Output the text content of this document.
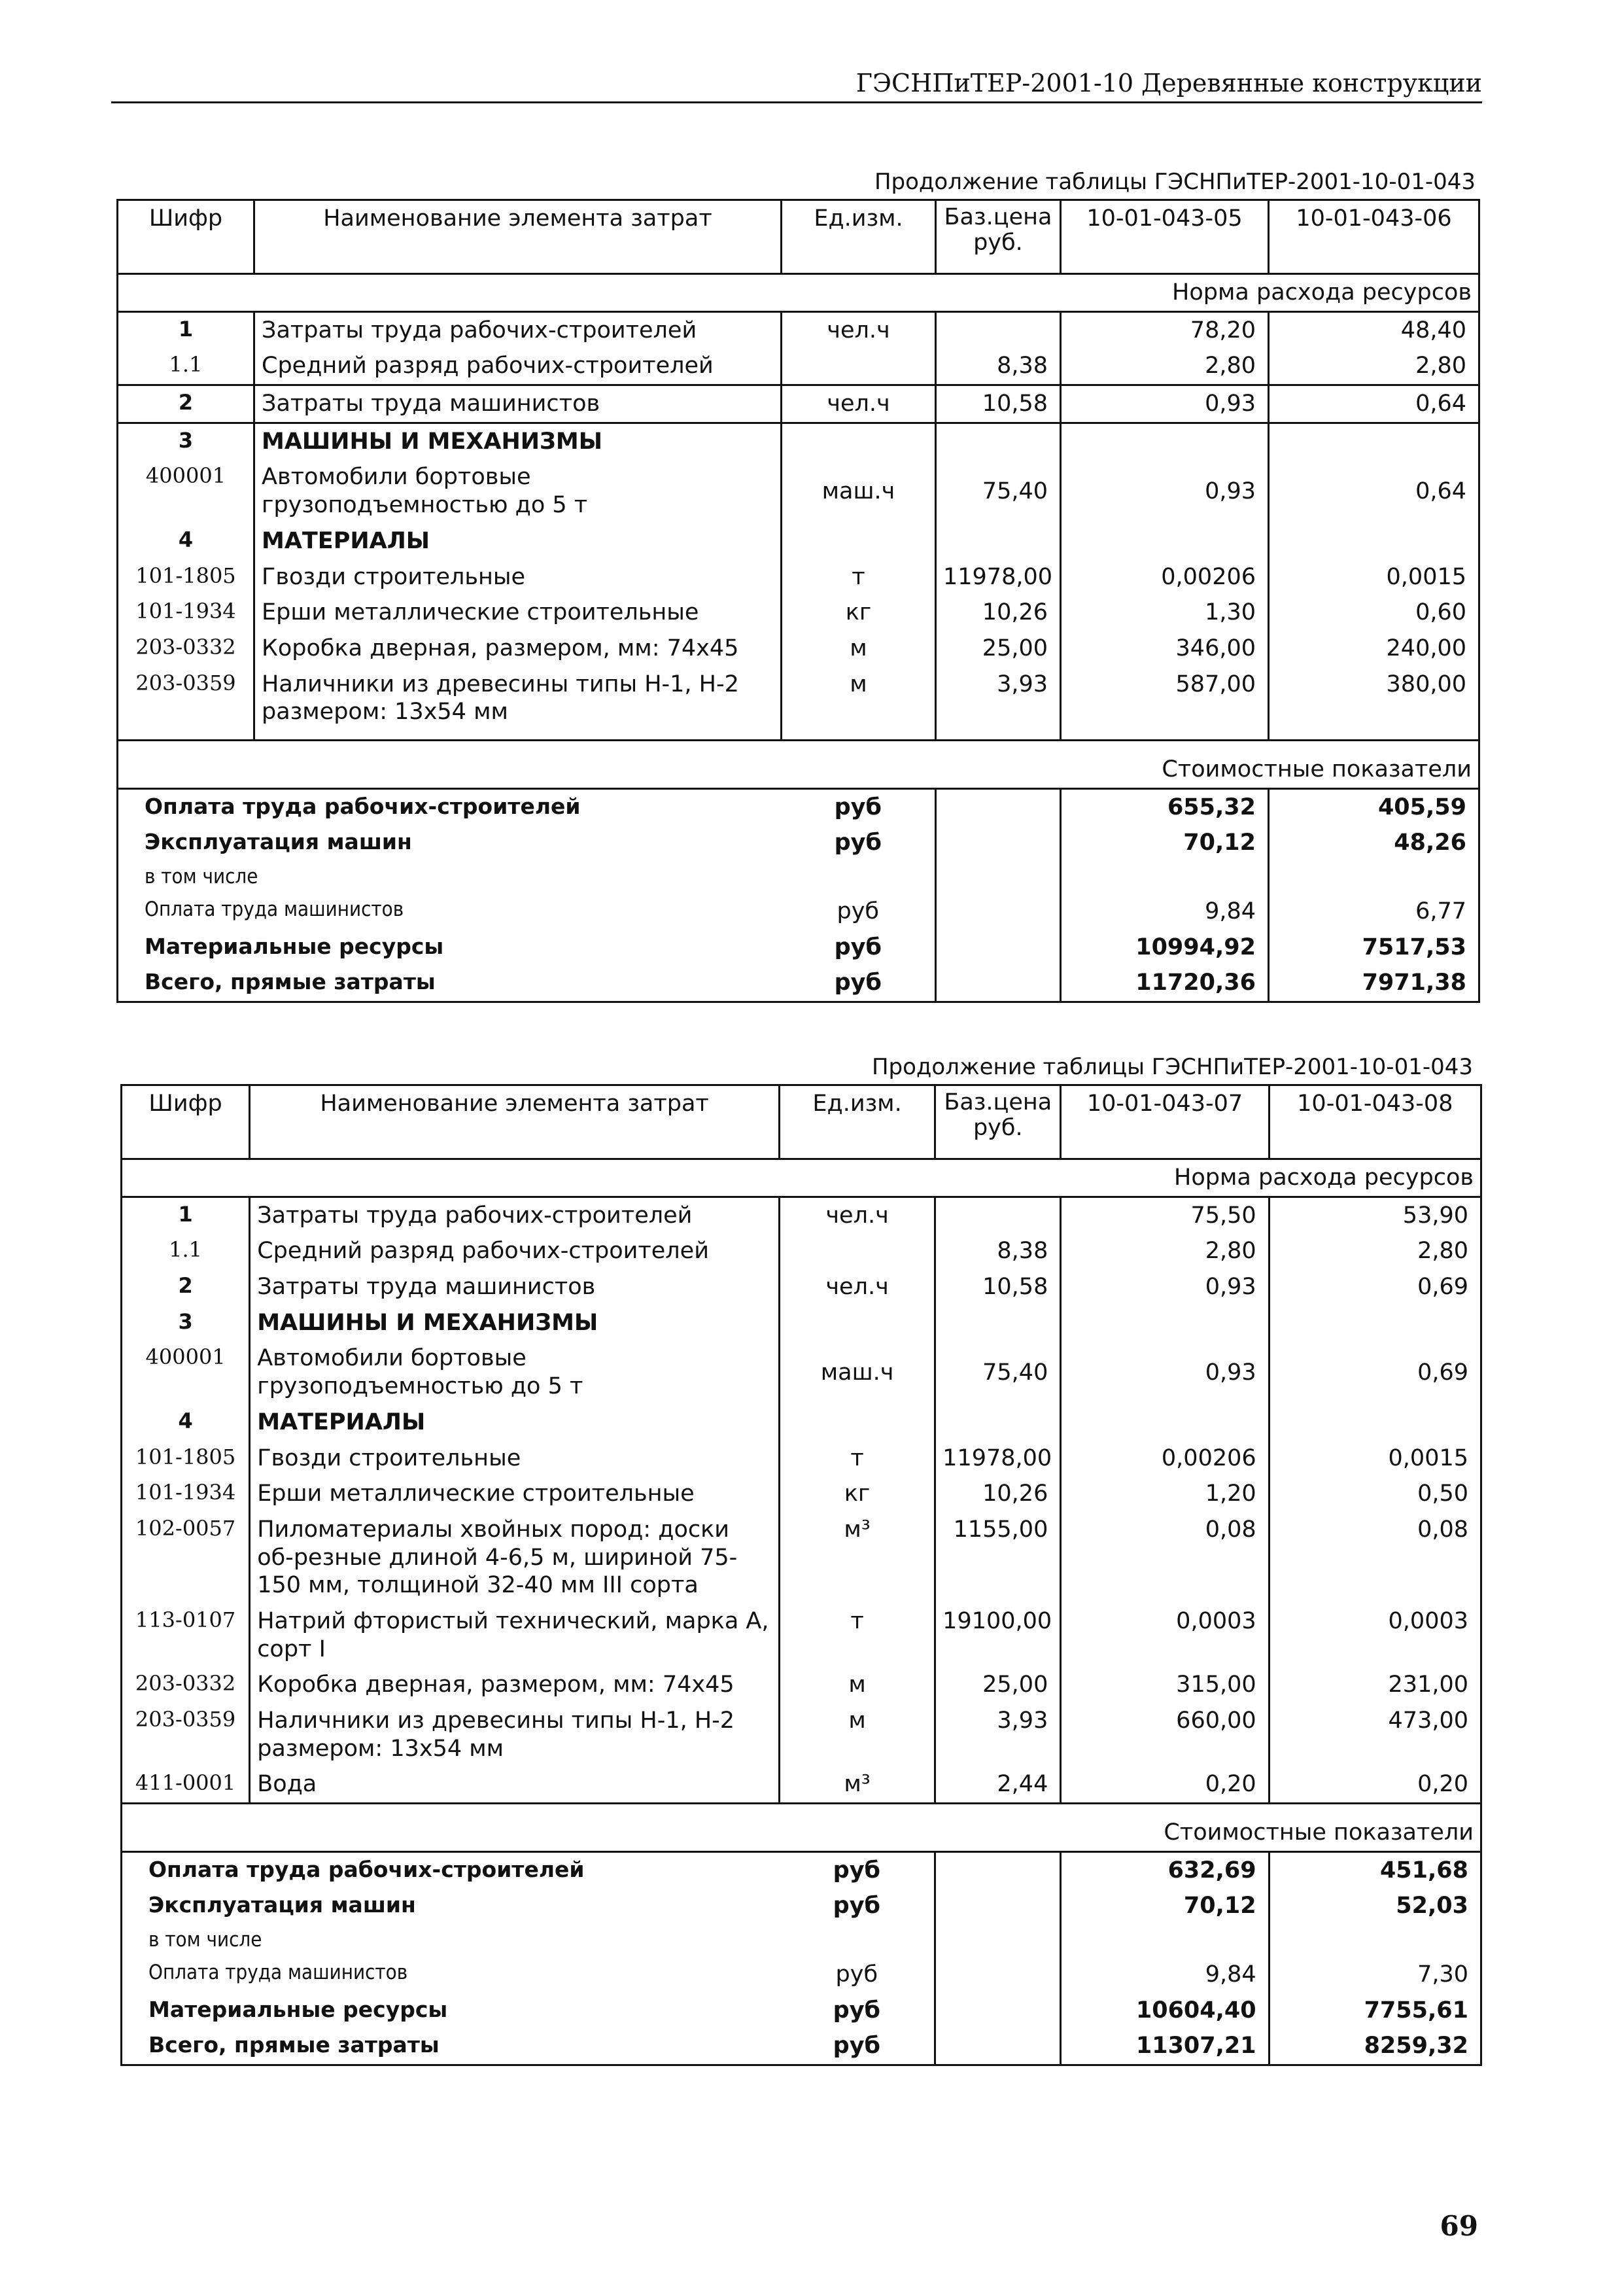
ГЭСНПиТЕР-2001-10 Деревянные конструкции
Продолжение таблицы ГЭСНПиТЕР-2001-10-01-043
Шифр	Наименование элемента затрат	Ед.изм.	Баз.цена руб.	10-01-043-05	10-01-043-06
Норма расхода ресурсов					
1	Затраты труда рабочих-строителей	чел.ч		78,20	48,40
1.1	Средний разряд рабочих-строителей		8,38	2,80	2,80
2	Затраты труда машинистов	чел.ч	10,58	0,93	0,64
3	МАШИНЫ И МЕХАНИЗМЫ				
400001	Автомобили бортовые грузоподъемностью до 5 т	маш.ч	75,40	0,93	0,64
4	МАТЕРИАЛЫ				
101-1805	Гвозди строительные	т	11978,00	0,00206	0,0015
101-1934	Ерши металлические строительные	кг	10,26	1,30	0,60
203-0332	Коробка дверная, размером, мм: 74х45	м	25,00	346,00	240,00
203-0359	Наличники из древесины типы Н-1, Н-2 размером: 13х54 мм	м	3,93	587,00	380,00

Стоимостные показатели					
Оплата труда рабочих-строителей		руб		655,32	405,59
Эксплуатация машин		руб		70,12	48,26
в том числе					
Оплата труда машинистов		руб		9,84	6,77
Материальные ресурсы		руб		10994,92	7517,53
Всего, прямые затраты		руб		11720,36	7971,38
Продолжение таблицы ГЭСНПиТЕР-2001-10-01-043
Шифр	Наименование элемента затрат	Ед.изм.	Баз.цена руб.	10-01-043-07	10-01-043-08
Норма расхода ресурсов					
1	Затраты труда рабочих-строителей	чел.ч		75,50	53,90
1.1	Средний разряд рабочих-строителей		8,38	2,80	2,80
2	Затраты труда машинистов	чел.ч	10,58	0,93	0,69
3	МАШИНЫ И МЕХАНИЗМЫ				
400001	Автомобили бортовые грузоподъемностью до 5 т	маш.ч	75,40	0,93	0,69
4	МАТЕРИАЛЫ				
101-1805	Гвозди строительные	т	11978,00	0,00206	0,0015
101-1934	Ерши металлические строительные	кг	10,26	1,20	0,50
102-0057	Пиломатериалы хвойных пород: доски об-резные длиной 4-6,5 м, шириной 75-150 мм, толщиной 32-40 мм III сорта	м³	1155,00	0,08	0,08
113-0107	Натрий фтористый технический, марка А, сорт I	т	19100,00	0,0003	0,0003
203-0332	Коробка дверная, размером, мм: 74х45	м	25,00	315,00	231,00
203-0359	Наличники из древесины типы Н-1, Н-2 размером: 13х54 мм	м	3,93	660,00	473,00
411-0001	Вода	м³	2,44	0,20	0,20
Стоимостные показатели					
Оплата труда рабочих-строителей		руб		632,69	451,68
Эксплуатация машин		руб		70,12	52,03
в том числе					
Оплата труда машинистов		руб		9,84	7,30
Материальные ресурсы		руб		10604,40	7755,61
Всего, прямые затраты		руб		11307,21	8259,32
69
